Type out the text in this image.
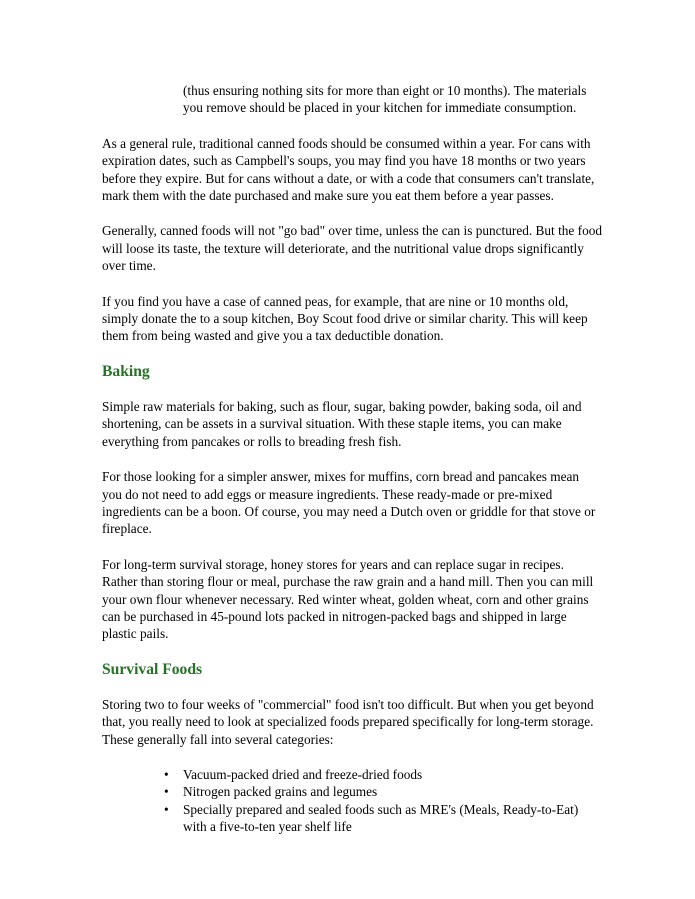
(thus ensuring nothing sits for more than eight or 10 months). The materials you remove should be placed in your kitchen for immediate consumption.

As a general rule, traditional canned foods should be consumed within a year. For cans with expiration dates, such as Campbell's soups, you may find you have 18 months or two years before they expire. But for cans without a date, or with a code that consumers can't translate, mark them with the date purchased and make sure you eat them before a year passes.

Generally, canned foods will not "go bad" over time, unless the can is punctured. But the food will loose its taste, the texture will deteriorate, and the nutritional value drops significantly over time.

If you find you have a case of canned peas, for example, that are nine or 10 months old, simply donate the to a soup kitchen, Boy Scout food drive or similar charity. This will keep them from being wasted and give you a tax deductible donation.

Baking

Simple raw materials for baking, such as flour, sugar, baking powder, baking soda, oil and shortening, can be assets in a survival situation. With these staple items, you can make everything from pancakes or rolls to breading fresh fish.

For those looking for a simpler answer, mixes for muffins, corn bread and pancakes mean you do not need to add eggs or measure ingredients. These ready-made or pre-mixed ingredients can be a boon. Of course, you may need a Dutch oven or griddle for that stove or fireplace.

For long-term survival storage, honey stores for years and can replace sugar in recipes. Rather than storing flour or meal, purchase the raw grain and a hand mill. Then you can mill your own flour whenever necessary. Red winter wheat, golden wheat, corn and other grains can be purchased in 45-pound lots packed in nitrogen-packed bags and shipped in large plastic pails.

Survival Foods

Storing two to four weeks of "commercial" food isn't too difficult. But when you get beyond that, you really need to look at specialized foods prepared specifically for long-term storage. These generally fall into several categories:

• Vacuum-packed dried and freeze-dried foods
• Nitrogen packed grains and legumes
• Specially prepared and sealed foods such as MRE's (Meals, Ready-to-Eat) with a five-to-ten year shelf life
